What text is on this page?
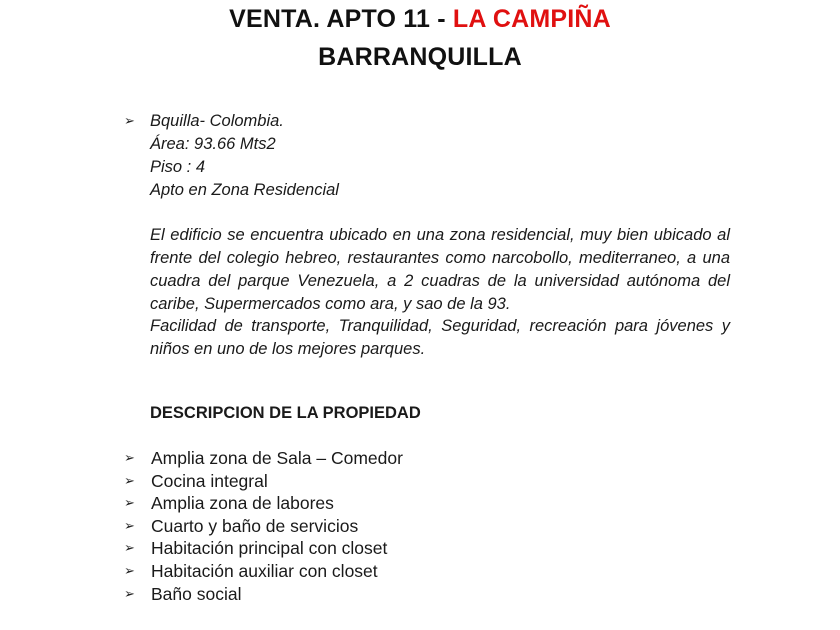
VENTA. APTO 11 - LA CAMPIÑA
BARRANQUILLA
➢ Bquilla- Colombia.
Área: 93.66 Mts2
Piso : 4
Apto en Zona Residencial
El edificio se encuentra ubicado en una zona residencial, muy bien ubicado al frente del colegio hebreo, restaurantes como narcobollo, mediterraneo, a una cuadra del parque Venezuela, a 2 cuadras de la universidad autónoma del caribe, Supermercados como ara, y sao de la 93.
Facilidad de transporte, Tranquilidad, Seguridad, recreación para jóvenes y niños en uno de los mejores parques.
DESCRIPCION DE LA PROPIEDAD
➢ Amplia zona de Sala – Comedor
➢ Cocina integral
➢ Amplia zona de labores
➢ Cuarto y baño de servicios
➢ Habitación principal con closet
➢ Habitación auxiliar con closet
➢ Baño social
